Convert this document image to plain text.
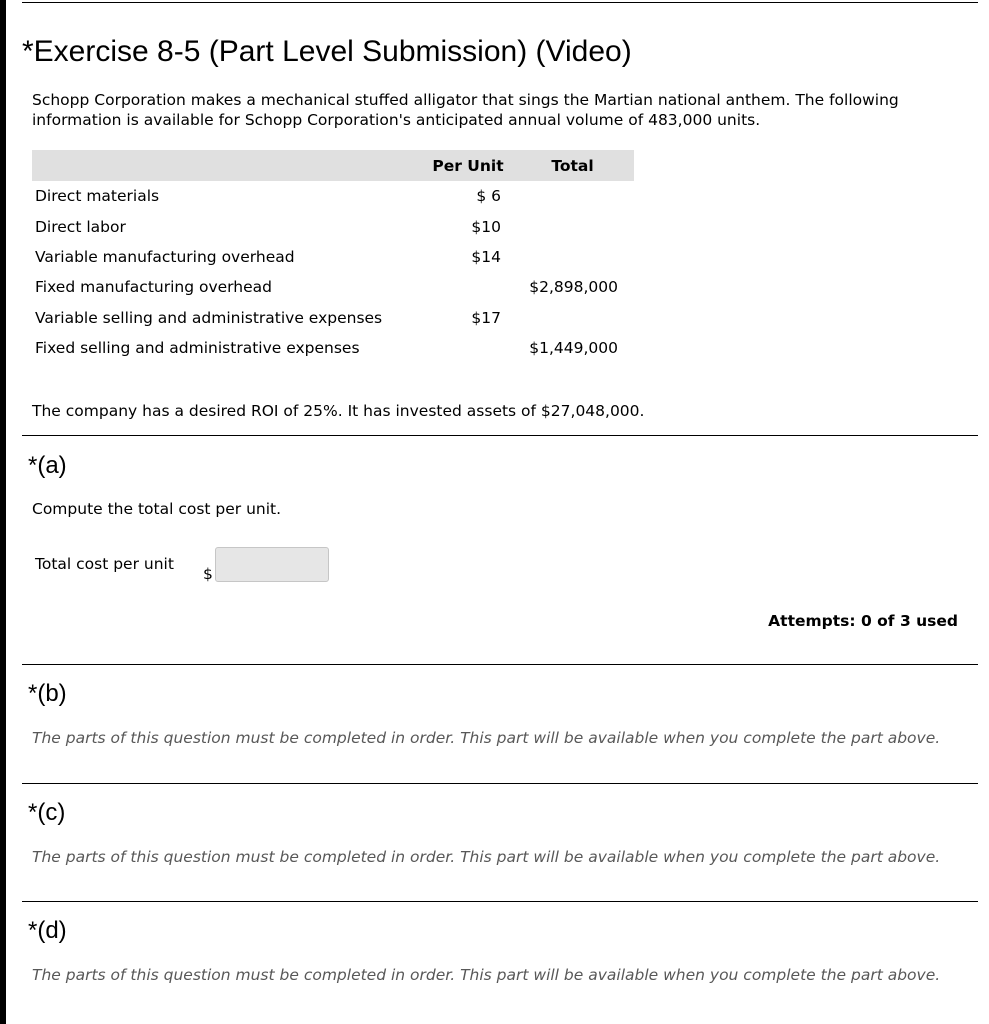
*Exercise 8-5 (Part Level Submission) (Video)

Schopp Corporation makes a mechanical stuffed alligator that sings the Martian national anthem. The following information is available for Schopp Corporation's anticipated annual volume of 483,000 units.

	Per Unit	Total
Direct materials	$ 6	
Direct labor	$10	
Variable manufacturing overhead	$14	
Fixed manufacturing overhead		$2,898,000
Variable selling and administrative expenses	$17	
Fixed selling and administrative expenses		$1,449,000

The company has a desired ROI of 25%. It has invested assets of $27,048,000.

*(a)

Compute the total cost per unit.

Total cost per unit
$

Attempts: 0 of 3 used

*(b)

The parts of this question must be completed in order. This part will be available when you complete the part above.

*(c)

The parts of this question must be completed in order. This part will be available when you complete the part above.

*(d)

The parts of this question must be completed in order. This part will be available when you complete the part above.
